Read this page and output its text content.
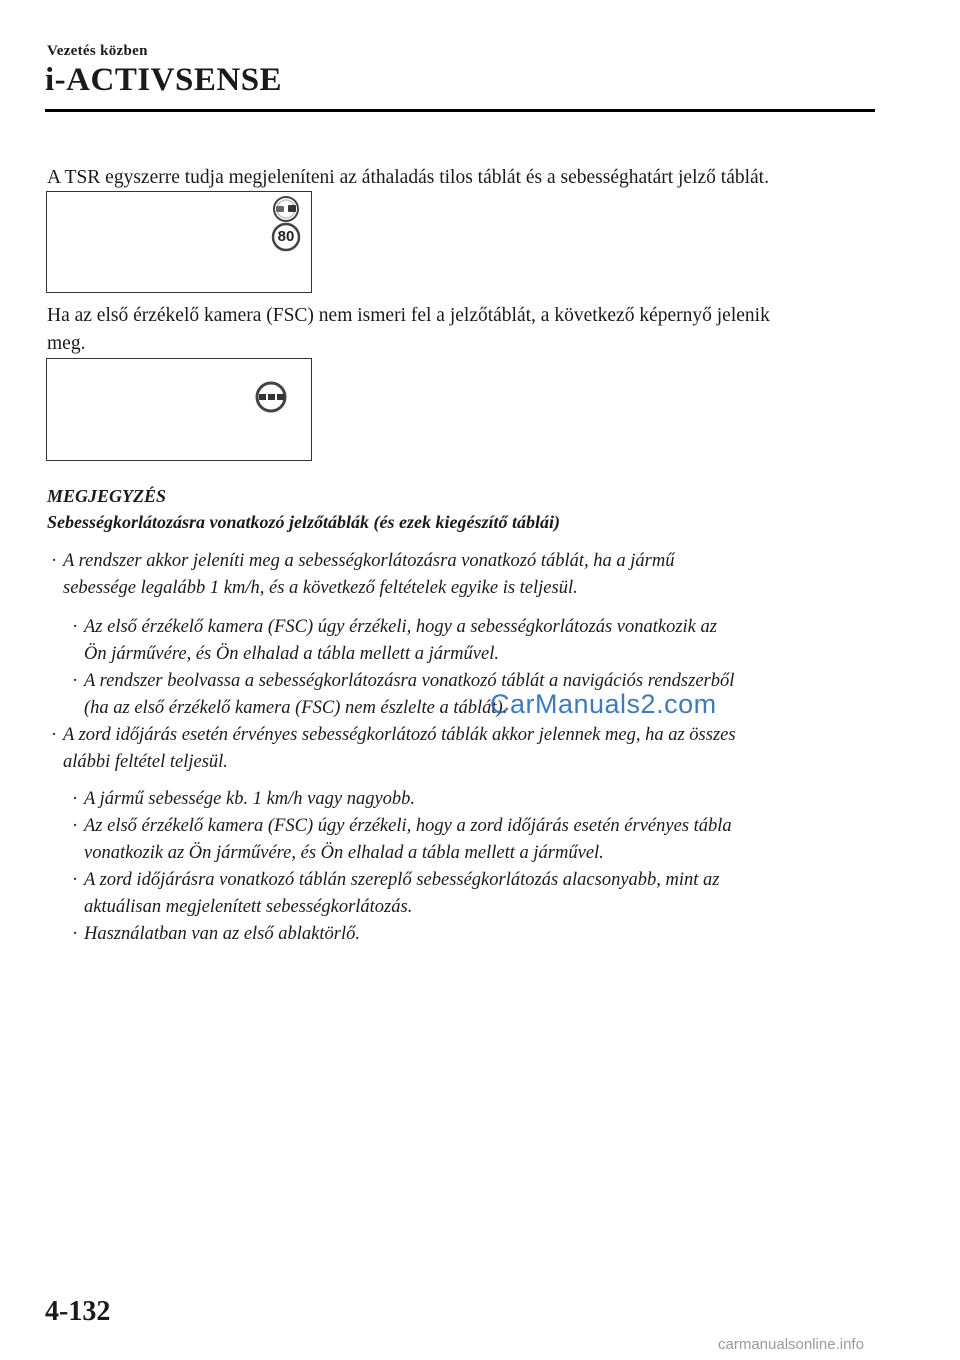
Vezetés közben
i-ACTIVSENSE
A TSR egyszerre tudja megjeleníteni az áthaladás tilos táblát és a sebességhatárt jelző táblát.
80
Ha az első érzékelő kamera (FSC) nem ismeri fel a jelzőtáblát, a következő képernyő jelenik
meg.
MEGJEGYZÉS
Sebességkorlátozásra vonatkozó jelzőtáblák (és ezek kiegészítő táblái)
· A rendszer akkor jeleníti meg a sebességkorlátozásra vonatkozó táblát, ha a jármű
sebessége legalább 1 km/h, és a következő feltételek egyike is teljesül.
· Az első érzékelő kamera (FSC) úgy érzékeli, hogy a sebességkorlátozás vonatkozik az
Ön járművére, és Ön elhalad a tábla mellett a járművel.
· A rendszer beolvassa a sebességkorlátozásra vonatkozó táblát a navigációs rendszerből
(ha az első érzékelő kamera (FSC) nem észlelte a táblát).
· A zord időjárás esetén érvényes sebességkorlátozó táblák akkor jelennek meg, ha az összes
alábbi feltétel teljesül.
· A jármű sebessége kb. 1 km/h vagy nagyobb.
· Az első érzékelő kamera (FSC) úgy érzékeli, hogy a zord időjárás esetén érvényes tábla
vonatkozik az Ön járművére, és Ön elhalad a tábla mellett a járművel.
· A zord időjárásra vonatkozó táblán szereplő sebességkorlátozás alacsonyabb, mint az
aktuálisan megjelenített sebességkorlátozás.
· Használatban van az első ablaktörlő.
CarManuals2.com
4-132
carmanualsonline.info
